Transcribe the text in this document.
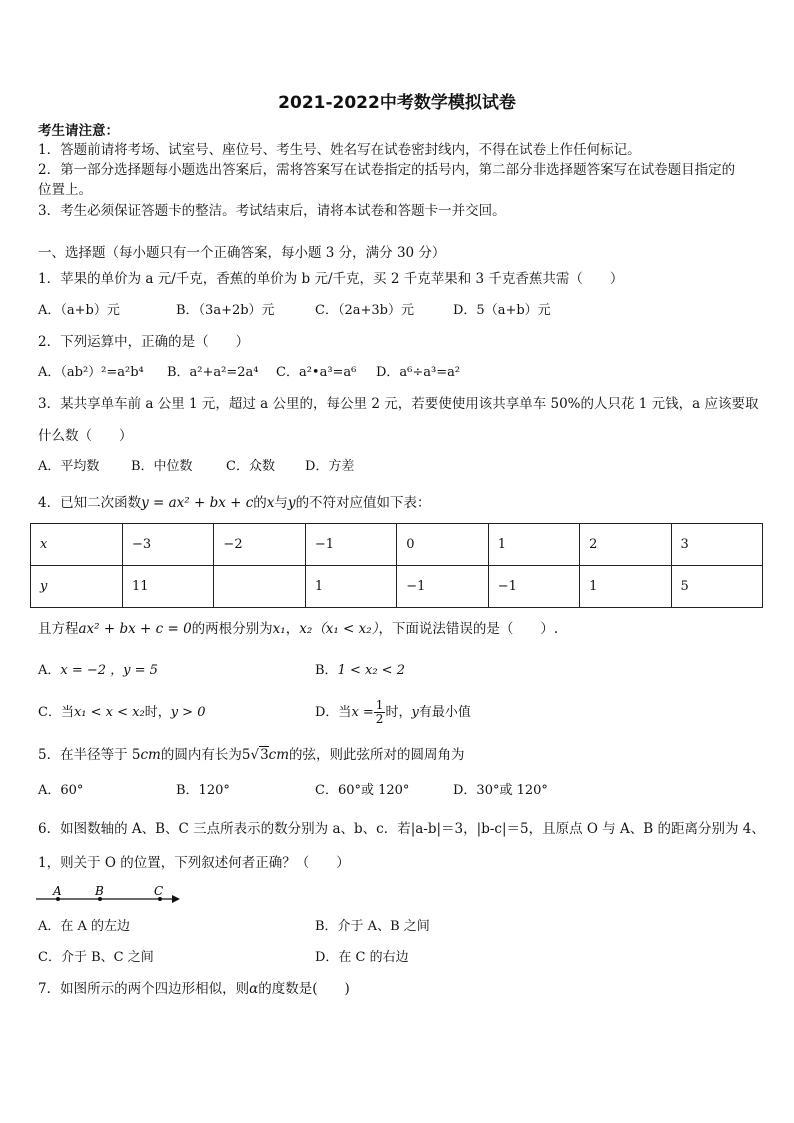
2021-2022中考数学模拟试卷
考生请注意：
1．答题前请将考场、试室号、座位号、考生号、姓名写在试卷密封线内，不得在试卷上作任何标记。
2．第一部分选择题每小题选出答案后，需将答案写在试卷指定的括号内，第二部分非选择题答案写在试卷题目指定的
位置上。
3．考生必须保证答题卡的整洁。考试结束后，请将本试卷和答题卡一并交回。
一、选择题（每小题只有一个正确答案，每小题 3 分，满分 30 分）
1．苹果的单价为 a 元/千克，香蕉的单价为 b 元/千克，买 2 千克苹果和 3 千克香蕉共需（　　）
A．（a+b）元	B．（3a+2b）元	C．（2a+3b）元	D．5（a+b）元
2．下列运算中，正确的是（　　）
A．（ab²）²=a²b⁴ B．a²+a²=2a⁴ C．a²•a³=a⁶ D．a⁶÷a³=a²
3．某共享单车前 a 公里 1 元，超过 a 公里的，每公里 2 元，若要使使用该共享单车 50%的人只花 1 元钱，a 应该要取
什么数（　　）
A．平均数 B．中位数	C．众数 D．方差
4．已知二次函数y = ax² + bx + c的x与y的不符对应值如下表：
x	−3	−2	−1	0	1	2	3
y	11		1	−1	−1	1	5
且方程ax² + bx + c = 0的两根分别为x₁，x₂（x₁ < x₂），下面说法错误的是（　　）.
A．x = −2 ，y = 5	B．1 < x₂ < 2
C．当x₁ < x < x₂时，y > 0	D．当$x = \frac{1}{2}$ 时，y有最小值
5．在半径等于 5cm的圆内有长为5√3cm的弦，则此弦所对的圆周角为
A．60°	B．120°	C．60°或 120°	D．30°或 120°
6．如图数轴的 A、B、C 三点所表示的数分别为 a、b、c．若|a-b|＝3，|b-c|＝5，且原点 O 与 A、B 的距离分别为 4、
1，则关于 O 的位置，下列叙述何者正确？（　　）
A	B	C
A．在 A 的左边	B．介于 A、B 之间
C．介于 B、C 之间	D．在 C 的右边
7．如图所示的两个四边形相似，则α的度数是(　　)
